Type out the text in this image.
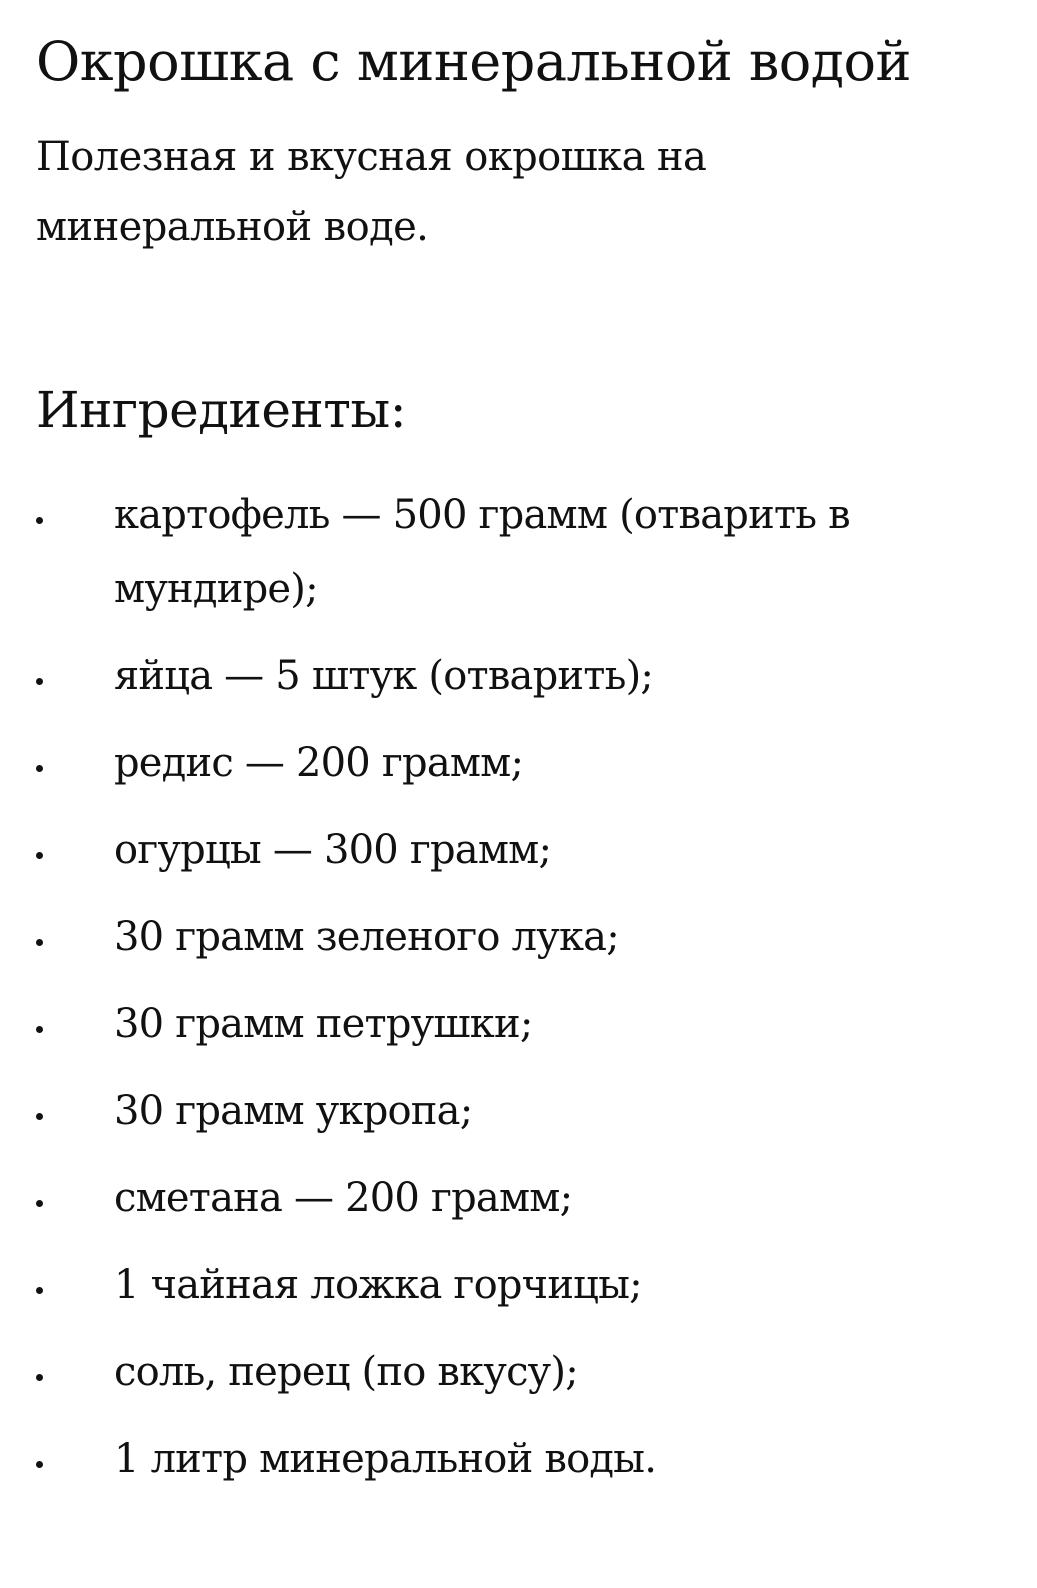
Окрошка с минеральной водой

Полезная и вкусная окрошка на минеральной воде.

Ингредиенты:
картофель — 500 грамм (отварить в мундире);
яйца — 5 штук (отварить);
редис — 200 грамм;
огурцы — 300 грамм;
30 грамм зеленого лука;
30 грамм петрушки;
30 грамм укропа;
сметана — 200 грамм;
1 чайная ложка горчицы;
соль, перец (по вкусу);
1 литр минеральной воды.
